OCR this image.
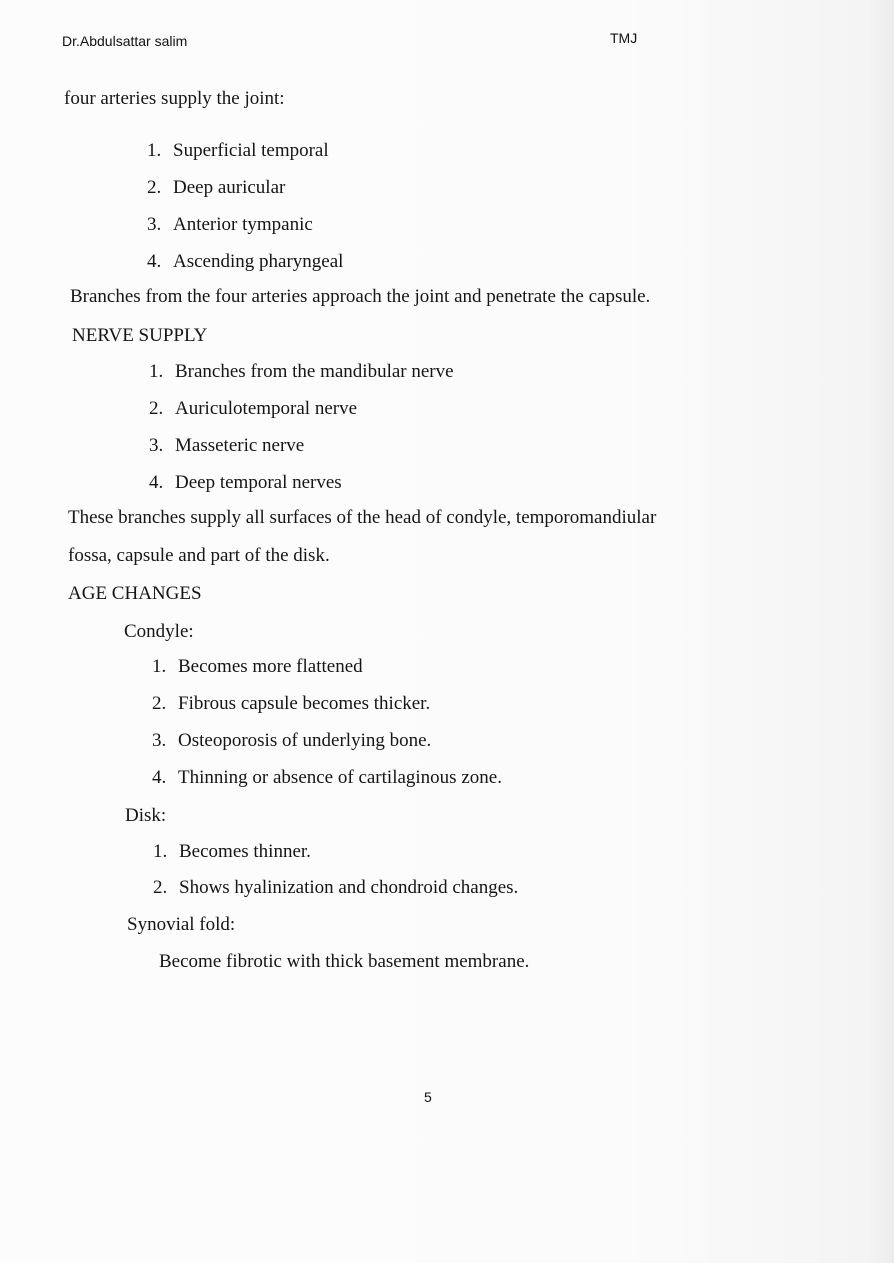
Dr.Abdulsattar salim	TMJ
four arteries supply the joint:
1. Superficial temporal
2. Deep auricular
3. Anterior tympanic
4. Ascending pharyngeal
Branches from the four arteries approach the joint and penetrate the capsule.
NERVE SUPPLY
1. Branches from the mandibular nerve
2. Auriculotemporal nerve
3. Masseteric nerve
4. Deep temporal nerves
These branches supply all surfaces of the head of condyle, temporomandiular
fossa, capsule and part of the disk.
AGE CHANGES
Condyle:
1. Becomes more flattened
2. Fibrous capsule becomes thicker.
3. Osteoporosis of underlying bone.
4. Thinning or absence of cartilaginous zone.
Disk:
1. Becomes thinner.
2. Shows hyalinization and chondroid changes.
Synovial fold:
Become fibrotic with thick basement membrane.
5
